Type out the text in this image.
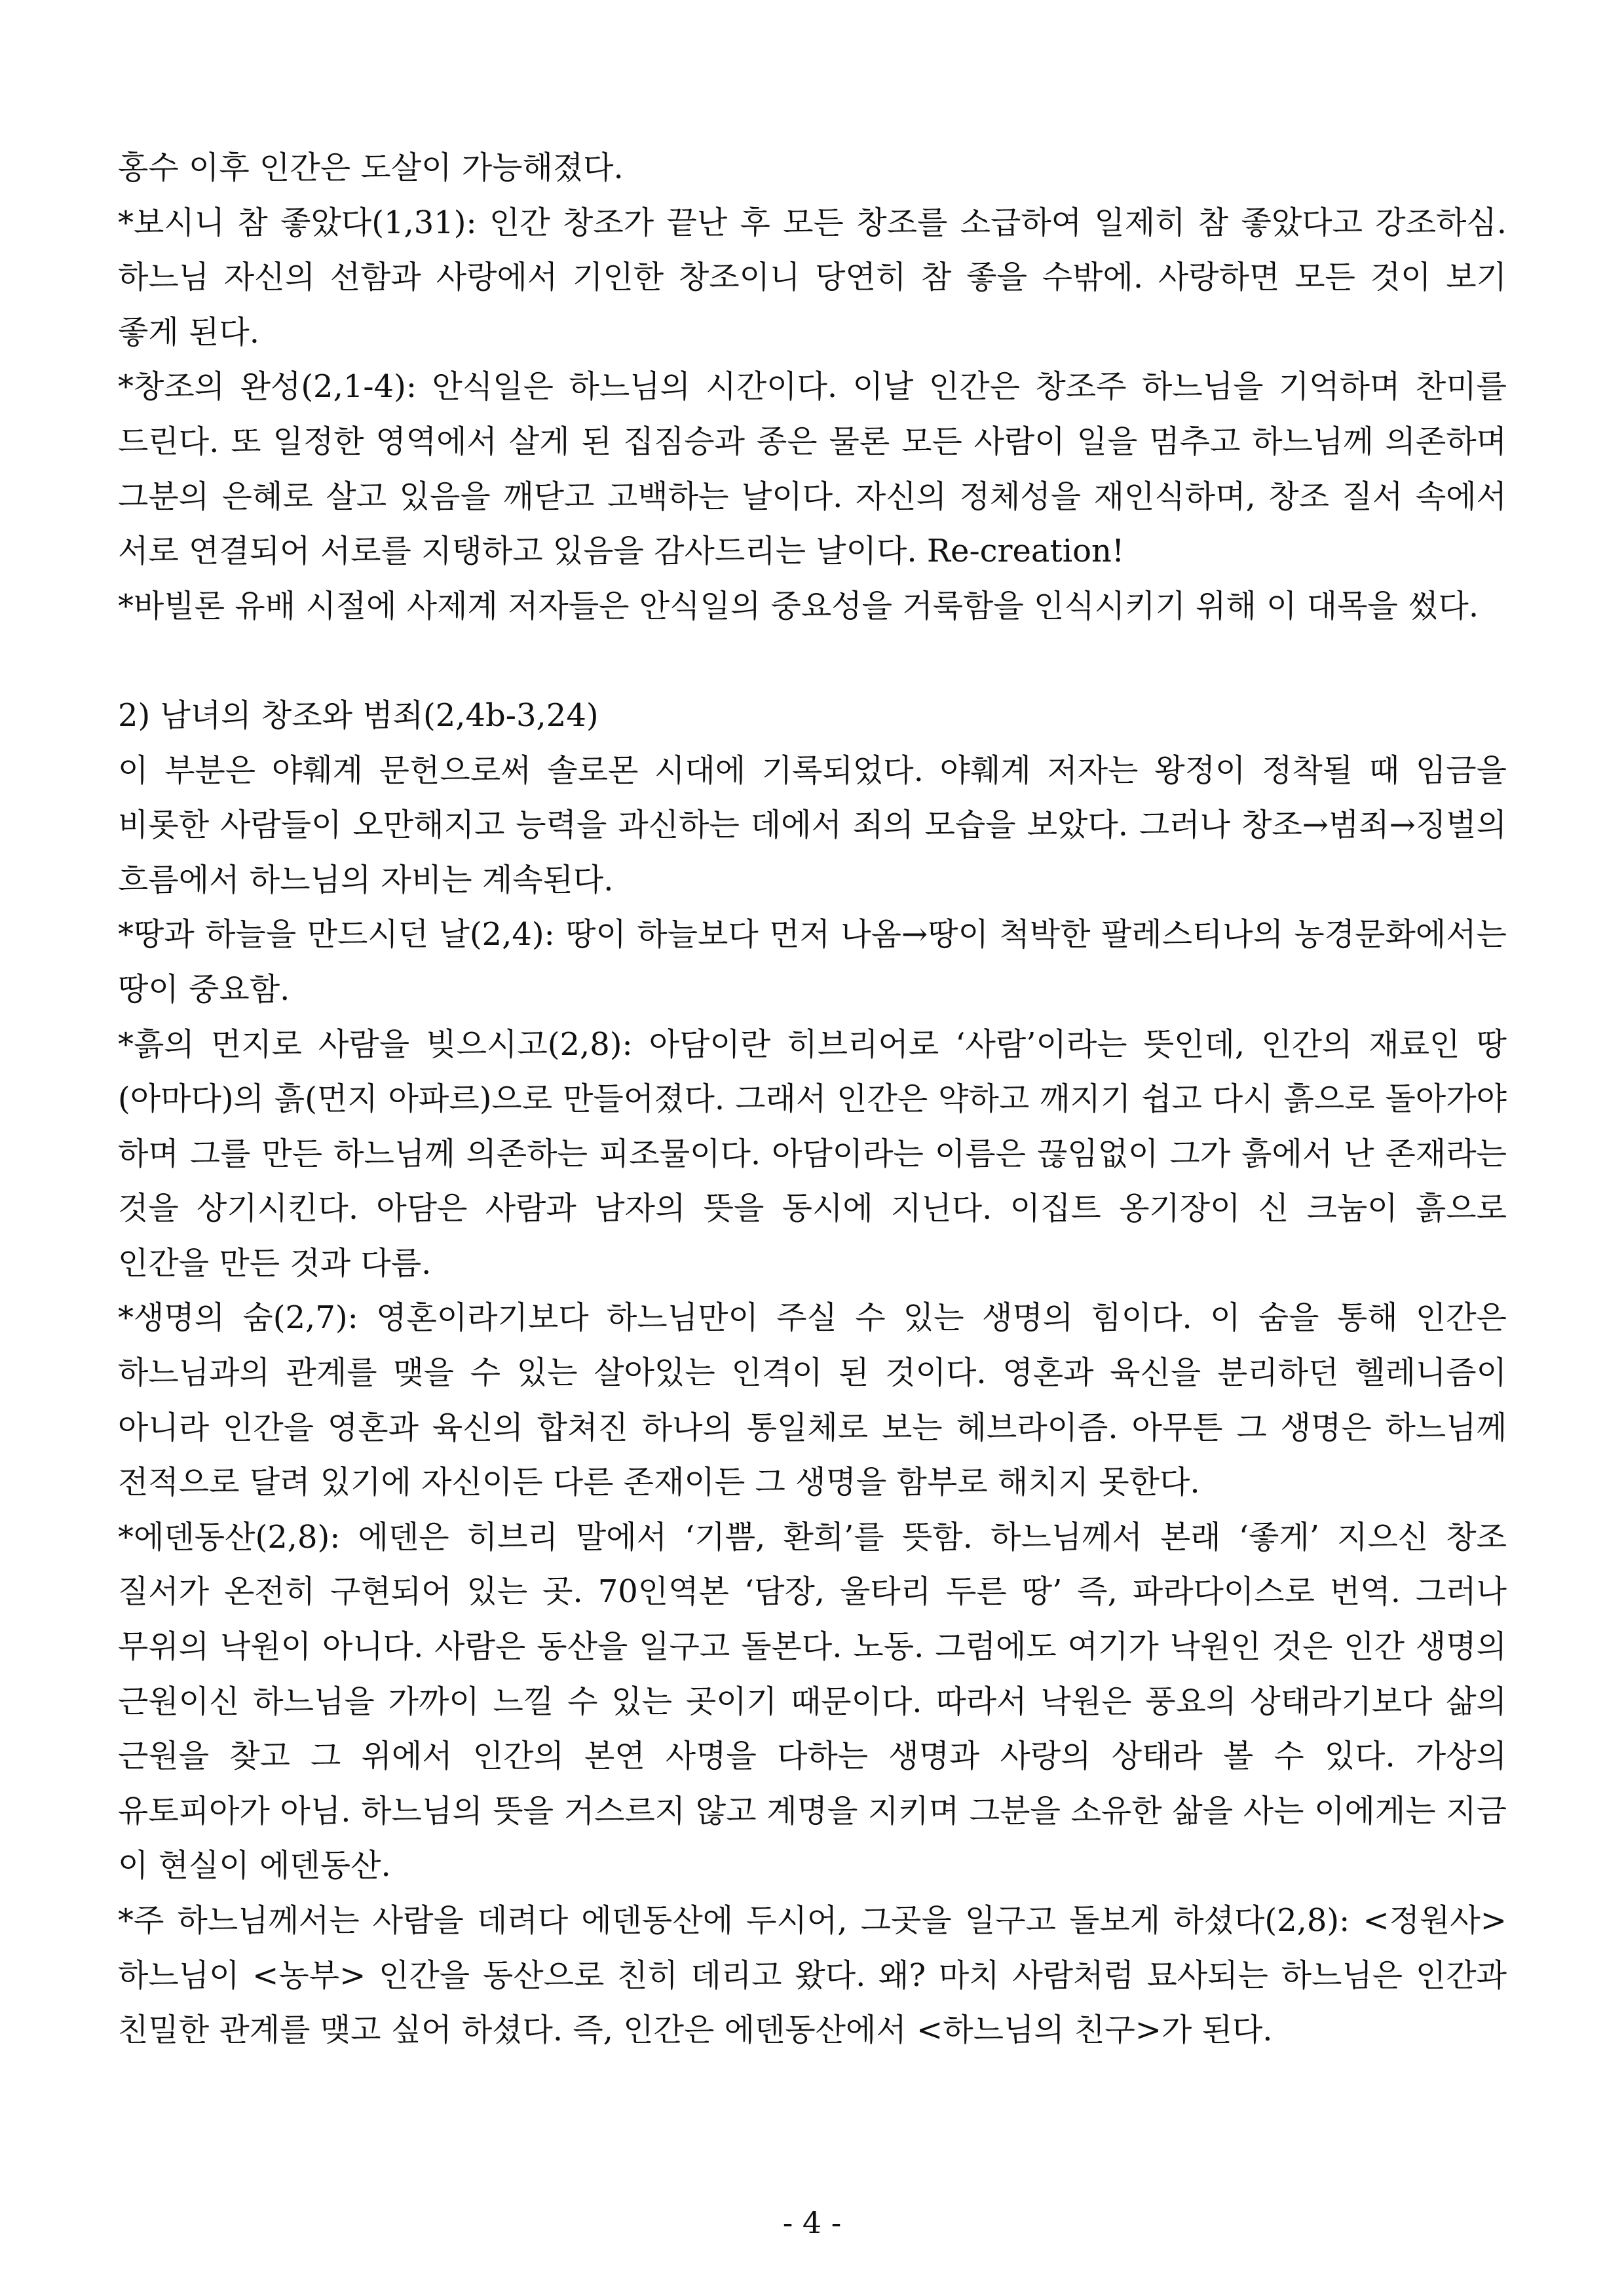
홍수 이후 인간은 도살이 가능해졌다.

*보시니 참 좋았다(1,31): 인간 창조가 끝난 후 모든 창조를 소급하여 일제히 참 좋았다고 강조하심. 하느님 자신의 선함과 사랑에서 기인한 창조이니 당연히 참 좋을 수밖에. 사랑하면 모든 것이 보기 좋게 된다.

*창조의 완성(2,1-4): 안식일은 하느님의 시간이다. 이날 인간은 창조주 하느님을 기억하며 찬미를 드린다. 또 일정한 영역에서 살게 된 집짐승과 종은 물론 모든 사람이 일을 멈추고 하느님께 의존하며 그분의 은혜로 살고 있음을 깨닫고 고백하는 날이다. 자신의 정체성을 재인식하며, 창조 질서 속에서 서로 연결되어 서로를 지탱하고 있음을 감사드리는 날이다. Re-creation!

*바빌론 유배 시절에 사제계 저자들은 안식일의 중요성을 거룩함을 인식시키기 위해 이 대목을 썼다.

2) 남녀의 창조와 범죄(2,4b-3,24)

이 부분은 야훼계 문헌으로써 솔로몬 시대에 기록되었다. 야훼계 저자는 왕정이 정착될 때 임금을 비롯한 사람들이 오만해지고 능력을 과신하는 데에서 죄의 모습을 보았다. 그러나 창조→범죄→징벌의 흐름에서 하느님의 자비는 계속된다.

*땅과 하늘을 만드시던 날(2,4): 땅이 하늘보다 먼저 나옴→땅이 척박한 팔레스티나의 농경문화에서는 땅이 중요함.

*흙의 먼지로 사람을 빚으시고(2,8): 아담이란 히브리어로 ‘사람’이라는 뜻인데, 인간의 재료인 땅(아마다)의 흙(먼지 아파르)으로 만들어졌다. 그래서 인간은 약하고 깨지기 쉽고 다시 흙으로 돌아가야 하며 그를 만든 하느님께 의존하는 피조물이다. 아담이라는 이름은 끊임없이 그가 흙에서 난 존재라는 것을 상기시킨다. 아담은 사람과 남자의 뜻을 동시에 지닌다. 이집트 옹기장이 신 크눔이 흙으로 인간을 만든 것과 다름.

*생명의 숨(2,7): 영혼이라기보다 하느님만이 주실 수 있는 생명의 힘이다. 이 숨을 통해 인간은 하느님과의 관계를 맺을 수 있는 살아있는 인격이 된 것이다. 영혼과 육신을 분리하던 헬레니즘이 아니라 인간을 영혼과 육신의 합쳐진 하나의 통일체로 보는 헤브라이즘. 아무튼 그 생명은 하느님께 전적으로 달려 있기에 자신이든 다른 존재이든 그 생명을 함부로 해치지 못한다.

*에덴동산(2,8): 에덴은 히브리 말에서 ‘기쁨, 환희’를 뜻함. 하느님께서 본래 ‘좋게’ 지으신 창조 질서가 온전히 구현되어 있는 곳. 70인역본 ‘담장, 울타리 두른 땅’ 즉, 파라다이스로 번역. 그러나 무위의 낙원이 아니다. 사람은 동산을 일구고 돌본다. 노동. 그럼에도 여기가 낙원인 것은 인간 생명의 근원이신 하느님을 가까이 느낄 수 있는 곳이기 때문이다. 따라서 낙원은 풍요의 상태라기보다 삶의 근원을 찾고 그 위에서 인간의 본연 사명을 다하는 생명과 사랑의 상태라 볼 수 있다. 가상의 유토피아가 아님. 하느님의 뜻을 거스르지 않고 계명을 지키며 그분을 소유한 삶을 사는 이에게는 지금 이 현실이 에덴동산.

*주 하느님께서는 사람을 데려다 에덴동산에 두시어, 그곳을 일구고 돌보게 하셨다(2,8): <정원사> 하느님이 <농부> 인간을 동산으로 친히 데리고 왔다. 왜? 마치 사람처럼 묘사되는 하느님은 인간과 친밀한 관계를 맺고 싶어 하셨다. 즉, 인간은 에덴동산에서 <하느님의 친구>가 된다.

- 4 -
